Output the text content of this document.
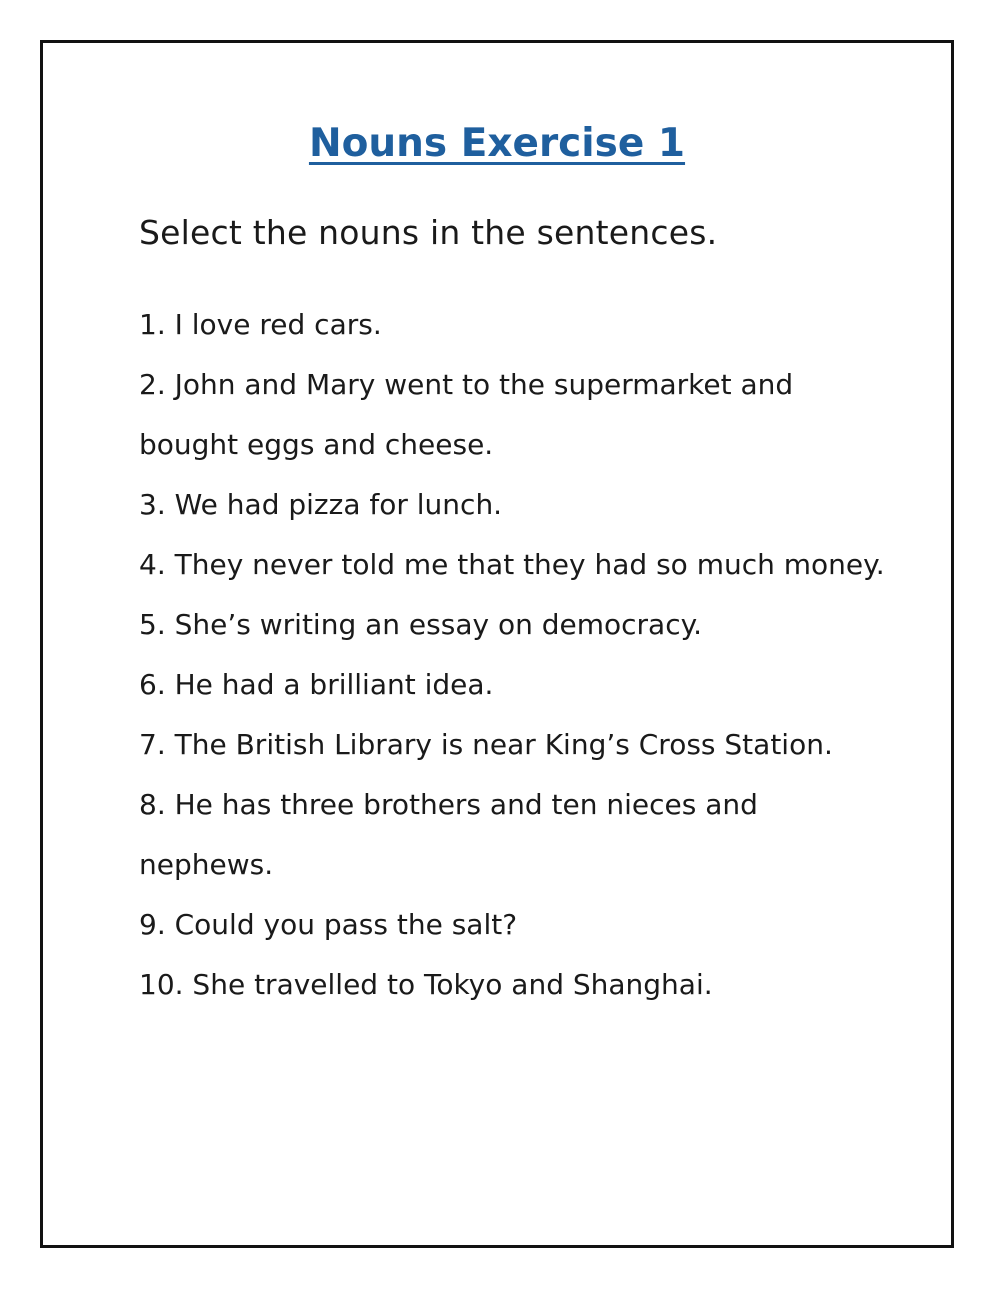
Nouns Exercise 1

Select the nouns in the sentences.

1. I love red cars.
2. John and Mary went to the supermarket and bought eggs and cheese.
3. We had pizza for lunch.
4. They never told me that they had so much money.
5. She’s writing an essay on democracy.
6. He had a brilliant idea.
7. The British Library is near King’s Cross Station.
8. He has three brothers and ten nieces and nephews.
9. Could you pass the salt?
10. She travelled to Tokyo and Shanghai.
